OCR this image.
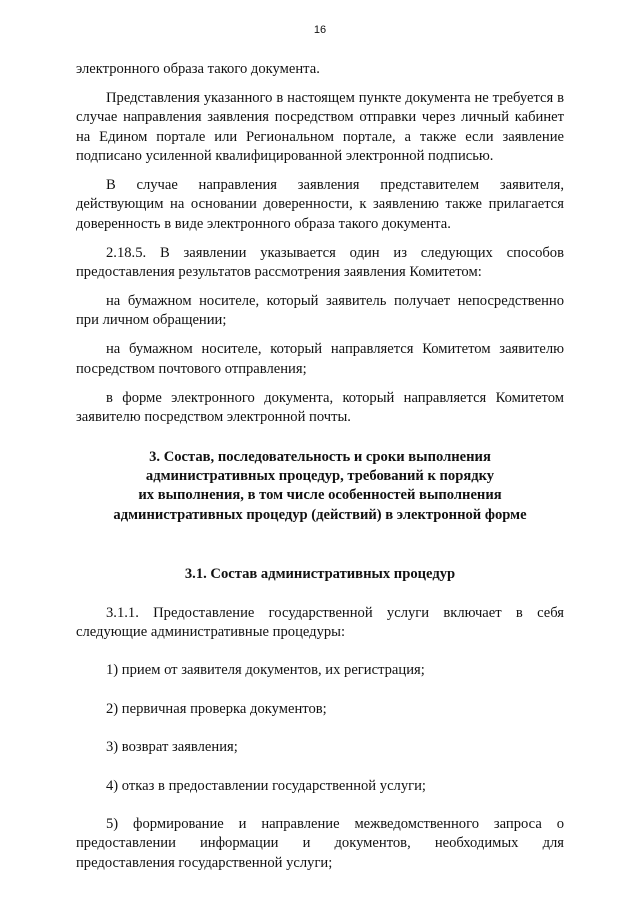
16

электронного образа такого документа.

Представления указанного в настоящем пункте документа не требуется в случае направления заявления посредством отправки через личный кабинет на Едином портале или Региональном портале, а также если заявление подписано усиленной квалифицированной электронной подписью.

В случае направления заявления представителем заявителя, действующим на основании доверенности, к заявлению также прилагается доверенность в виде электронного образа такого документа.

2.18.5. В заявлении указывается один из следующих способов предоставления результатов рассмотрения заявления Комитетом:

на бумажном носителе, который заявитель получает непосредственно при личном обращении;

на бумажном носителе, который направляется Комитетом заявителю посредством почтового отправления;

в форме электронного документа, который направляется Комитетом заявителю посредством электронной почты.

3. Состав, последовательность и сроки выполнения
административных процедур, требований к порядку
их выполнения, в том числе особенностей выполнения
административных процедур (действий) в электронной форме
3.1. Состав административных процедур

3.1.1. Предоставление государственной услуги включает в себя следующие административные процедуры:

1) прием от заявителя документов, их регистрация;

2) первичная проверка документов;

3) возврат заявления;

4) отказ в предоставлении государственной услуги;

5) формирование и направление межведомственного запроса о предоставлении информации и документов, необходимых для предоставления государственной услуги;
